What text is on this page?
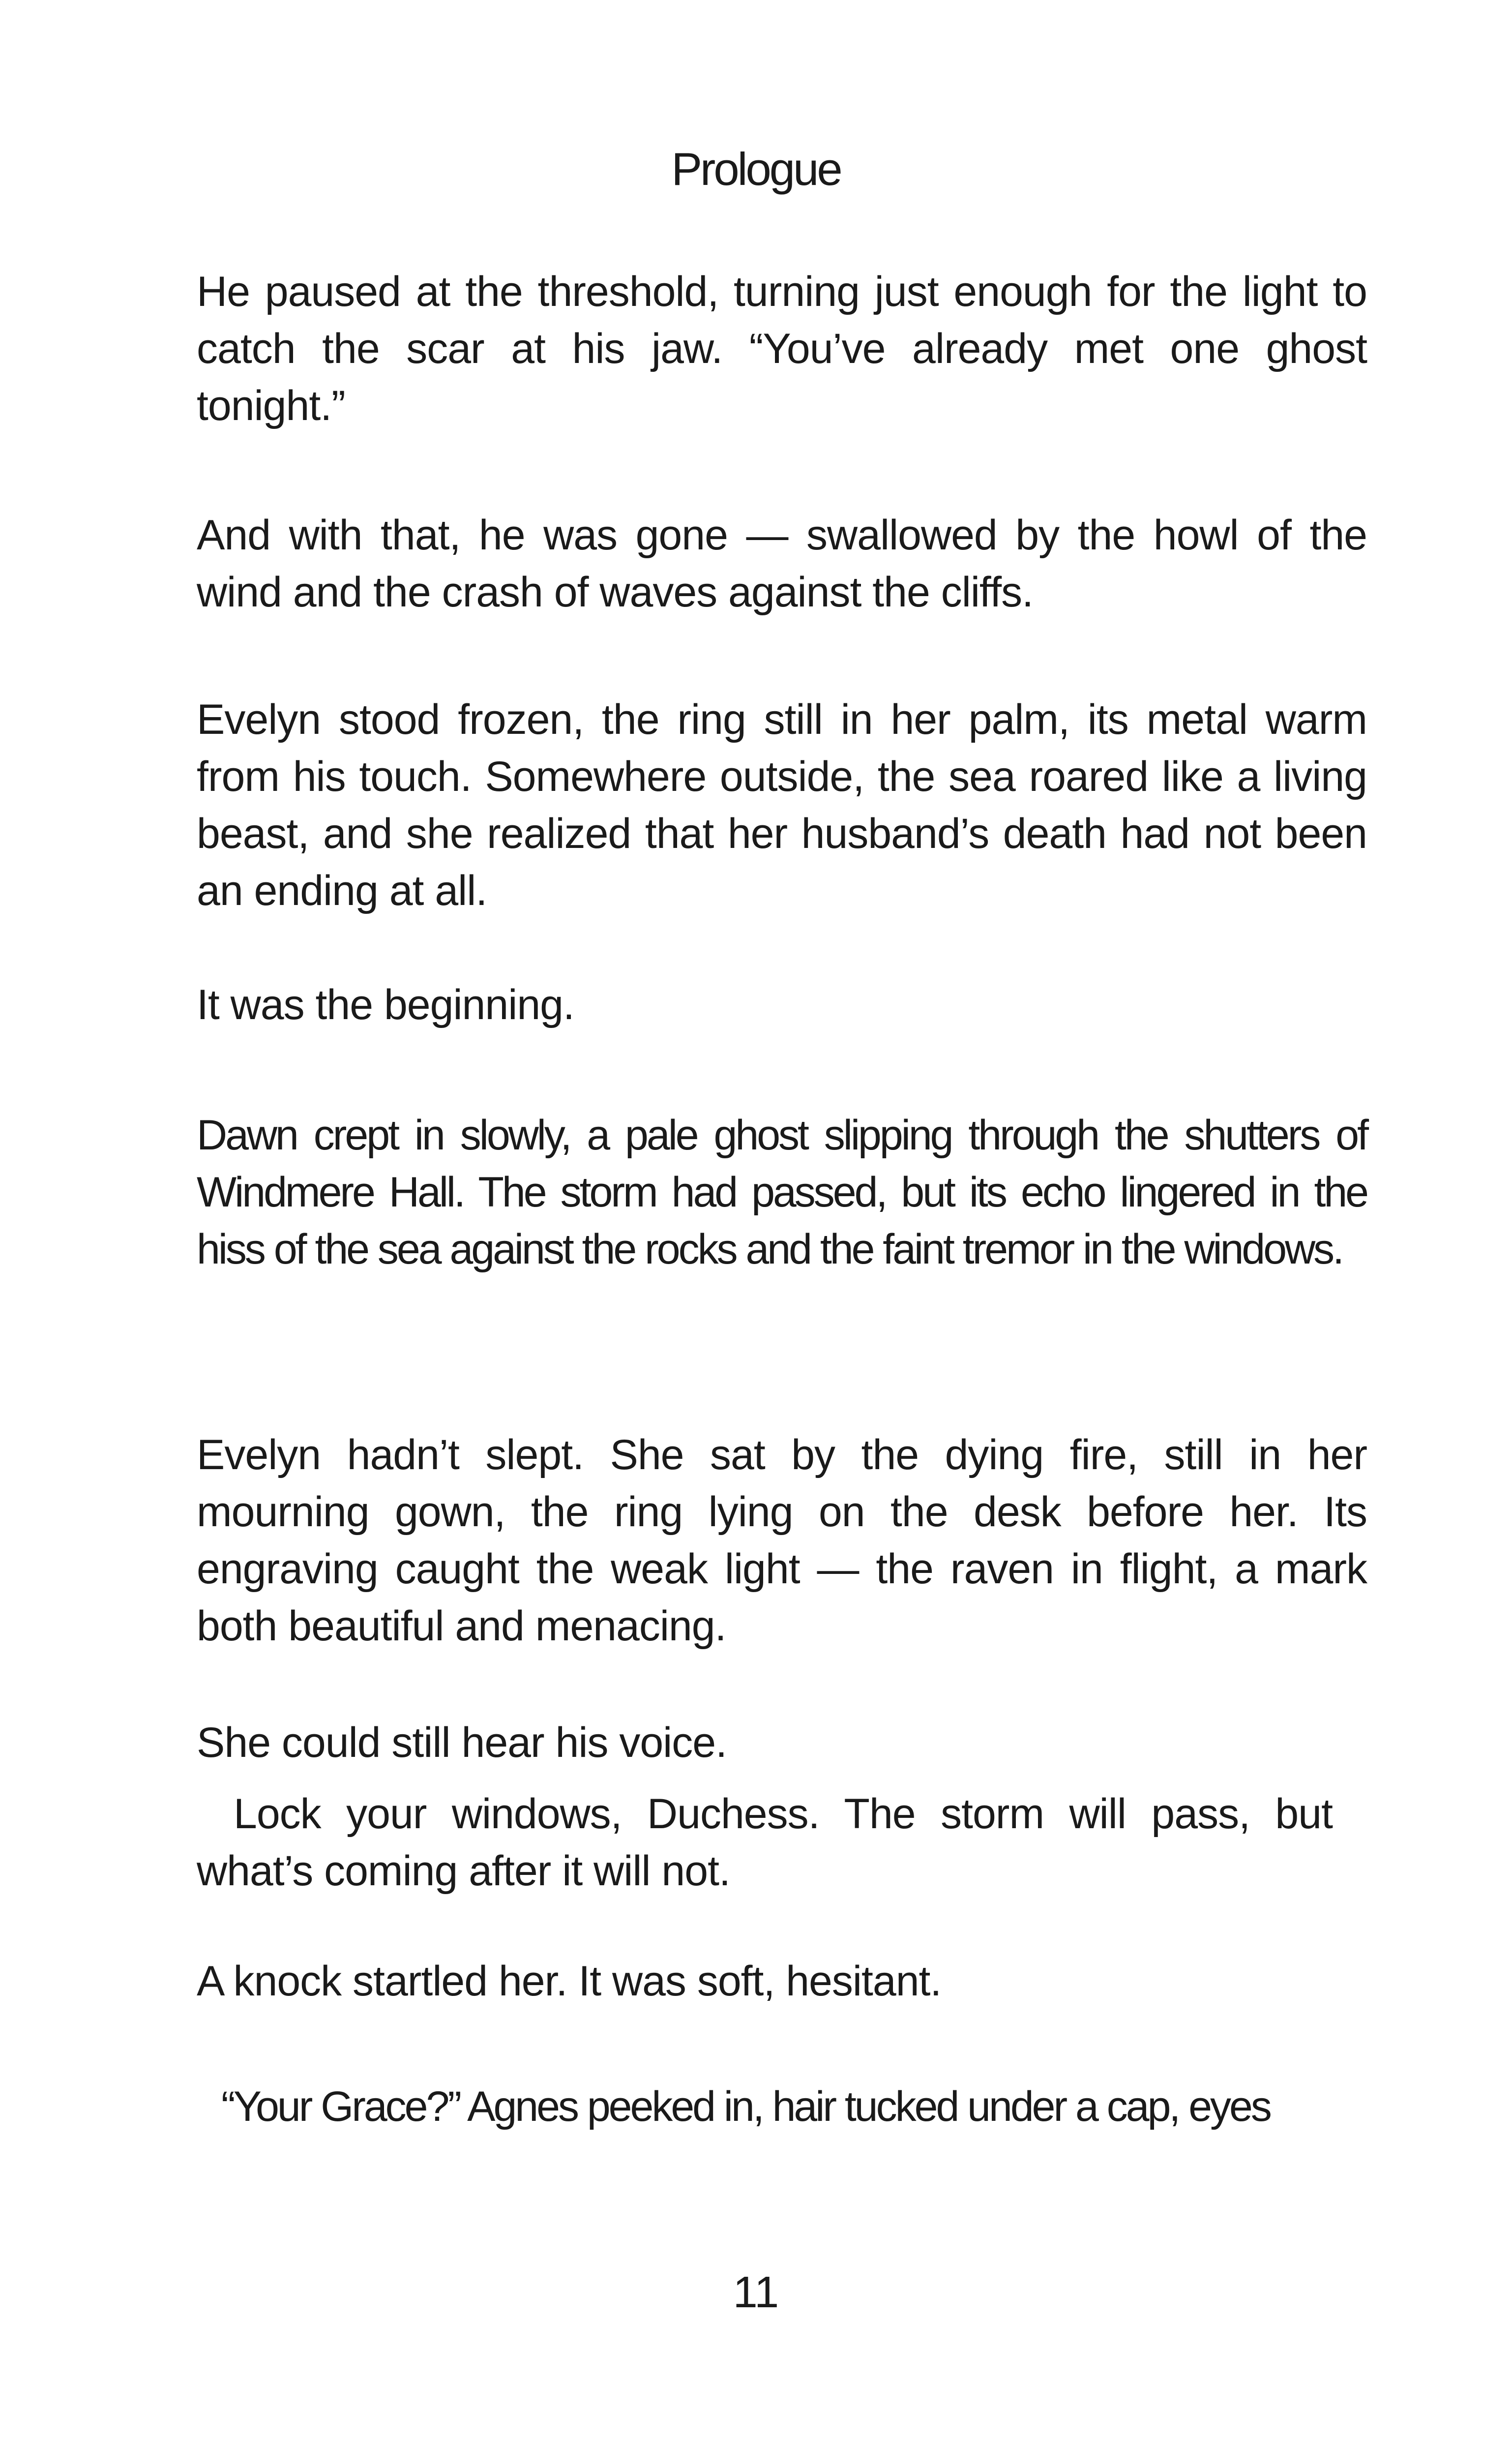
Prologue

He paused at the threshold, turning just enough for the light to catch the scar at his jaw. “You’ve already met one ghost tonight.”

And with that, he was gone — swallowed by the howl of the wind and the crash of waves against the cliffs.

Evelyn stood frozen, the ring still in her palm, its metal warm from his touch. Somewhere outside, the sea roared like a living beast, and she realized that her husband’s death had not been an ending at all.

It was the beginning.

Dawn crept in slowly, a pale ghost slipping through the shutters of Windmere Hall. The storm had passed, but its echo lingered in the hiss of the sea against the rocks and the faint tremor in the windows.

Evelyn hadn’t slept. She sat by the dying fire, still in her mourning gown, the ring lying on the desk before her. Its engraving caught the weak light — the raven in flight, a mark both beautiful and menacing.

She could still hear his voice.

Lock your windows, Duchess. The storm will pass, but what’s coming after it will not.

A knock startled her. It was soft, hesitant.

“Your Grace?” Agnes peeked in, hair tucked under a cap, eyes

11
